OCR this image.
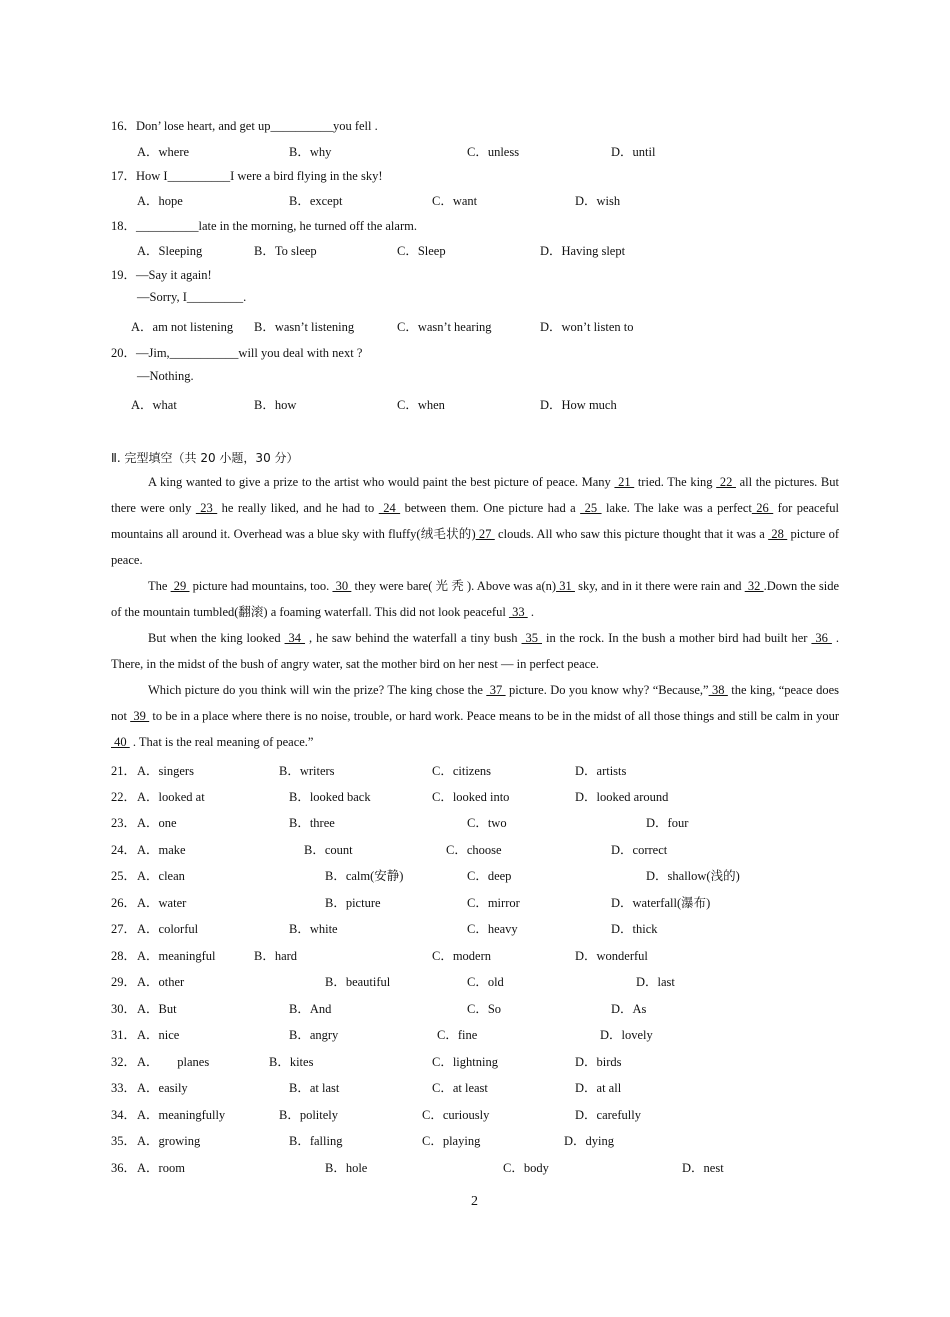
16．Don’ lose heart, and get up__________you fell .
A．where	B．why	C．unless	D．until
17．How I__________I were a bird flying in the sky!
A．hope	B．except	C．want	D．wish
18．__________late in the morning, he turned off the alarm.
A．Sleeping	B．To sleep	C．Sleep	D．Having slept
19．—Say it again!
—Sorry, I_________.
A．am not listening B．wasn’t listening	C．wasn’t hearing	D．won’t listen to
20．—Jim,___________will you deal with next ?
—Nothing.
A．what	B．how	C．when	D．How much
Ⅱ. 完型填空（共 20 小题，30 分）

A king wanted to give a prize to the artist who would paint the best picture of peace. Many  21  tried. The king  22  all the pictures. But there were only  23  he really liked, and he had to  24  between them. One picture had a  25  lake. The lake was a perfect 26  for peaceful mountains all around it. Overhead was a blue sky with fluffy(绒毛状的) 27  clouds. All who saw this picture thought that it was a  28  picture of peace.

The  29  picture had mountains, too.  30  they were bare( 光 秃 ). Above was a(n) 31  sky, and in it there were rain and  32 .Down the side of the mountain tumbled(翻滚) a foaming waterfall. This did not look peaceful  33  .

But when the king looked  34  , he saw behind the waterfall a tiny bush  35  in the rock. In the bush a mother bird had built her  36  . There, in the midst of the bush of angry water, sat the mother bird on her nest — in perfect peace.

Which picture do you think will win the prize? The king chose the  37  picture. Do you know why? “Because,” 38  the king, “peace does not  39  to be in a place where there is no noise, trouble, or hard work. Peace means to be in the midst of all those things and still be calm in your  40  . That is the real meaning of peace.”

21． A．singers	B．writers	C．citizens	D．artists
22． A．looked at	B．looked back	C．looked into	D．looked around
23． A．one	B．three	C．two	D．four
24． A．make	B．count	C．choose	D．correct
25． A．clean	B．calm(安静)	C．deep	D．shallow(浅的)
26． A．water	B．picture	C．mirror	D．waterfall(瀑布)
27． A．colorful	B．white	C．heavy	D．thick
28． A．meaningful	B．hard	C．modern	D．wonderful
29． A．other	B．beautiful	C．old	D．last
30． A．But	B．And	C．So	D．As
31． A．nice	B．angry	C．fine	D．lovely
32． A．      planes	B．kites	C．lightning	D．birds
33． A．easily	B．at last	C．at least	D．at all
34． A．meaningfully	B．politely	C．curiously	D．carefully
35． A．growing	B．falling	C．playing	D．dying
36． A．room	B．hole	C．body	D．nest
2
